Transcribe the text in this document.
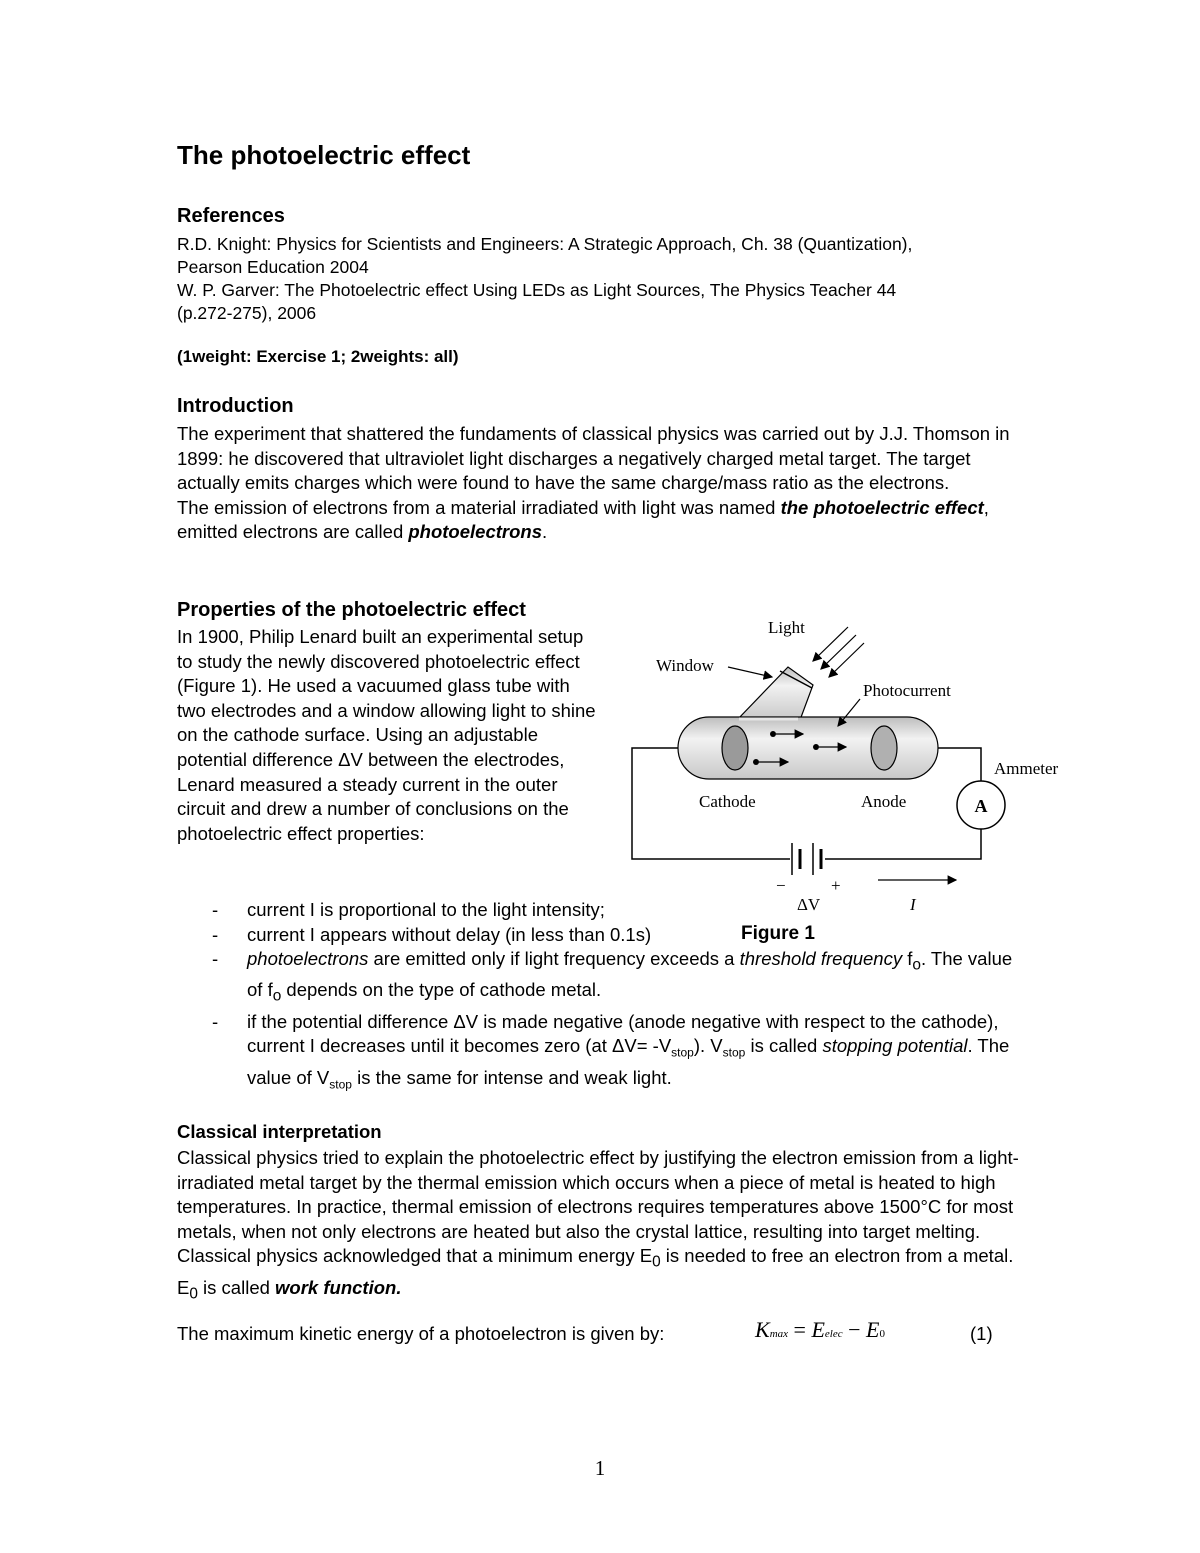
The photoelectric effect
References

R.D. Knight: Physics for Scientists and Engineers: A Strategic Approach, Ch. 38 (Quantization),

Pearson Education 2004

W. P. Garver: The Photoelectric effect Using LEDs as Light Sources, The Physics Teacher 44

(p.272-275), 2006

(1weight: Exercise 1; 2weights: all)

Introduction

The experiment that shattered the fundaments of classical physics was carried out by J.J. Thomson in 1899: he discovered that ultraviolet light discharges a negatively charged metal target. The target actually emits charges which were found to have the same charge/mass ratio as the electrons.

The emission of electrons from a material irradiated with light was named the photoelectric effect, emitted electrons are called photoelectrons.

Properties of the photoelectric effect

In 1900, Philip Lenard built an experimental setup to study the newly discovered photoelectric effect (Figure 1). He used a vacuumed glass tube with two electrodes and a window allowing light to shine on the cathode surface. Using an adjustable potential difference ΔV between the electrodes, Lenard measured a steady current in the outer circuit and drew a number of conclusions on the photoelectric effect properties:

- current I is proportional to the light intensity;
- current I appears without delay (in less than 0.1s)
- photoelectrons are emitted only if light frequency exceeds a threshold frequency $f_o$. The value of $f_o$ depends on the type of cathode metal.
- if the potential difference ΔV is made negative (anode negative with respect to the cathode), current I decreases until it becomes zero (at $\Delta V= -V_{stop}$). $V_{stop}$ is called stopping potential. The value of $V_{stop}$ is the same for intense and weak light.
A
Light
Window
Photocurrent
Ammeter
Cathode	Anode
−	+
ΔV	I

Figure 1

Classical interpretation

Classical physics tried to explain the photoelectric effect by justifying the electron emission from a light-irradiated metal target by the thermal emission which occurs when a piece of metal is heated to high temperatures. In practice, thermal emission of electrons requires temperatures above 1500°C for most metals, when not only electrons are heated but also the crystal lattice, resulting into target melting.

Classical physics acknowledged that a minimum energy $E_0$ is needed to free an electron from a metal. $E_0$ is called work function.

The maximum kinetic energy of a photoelectron is given by:	Kmax = Eelec − E0	(1)
1
